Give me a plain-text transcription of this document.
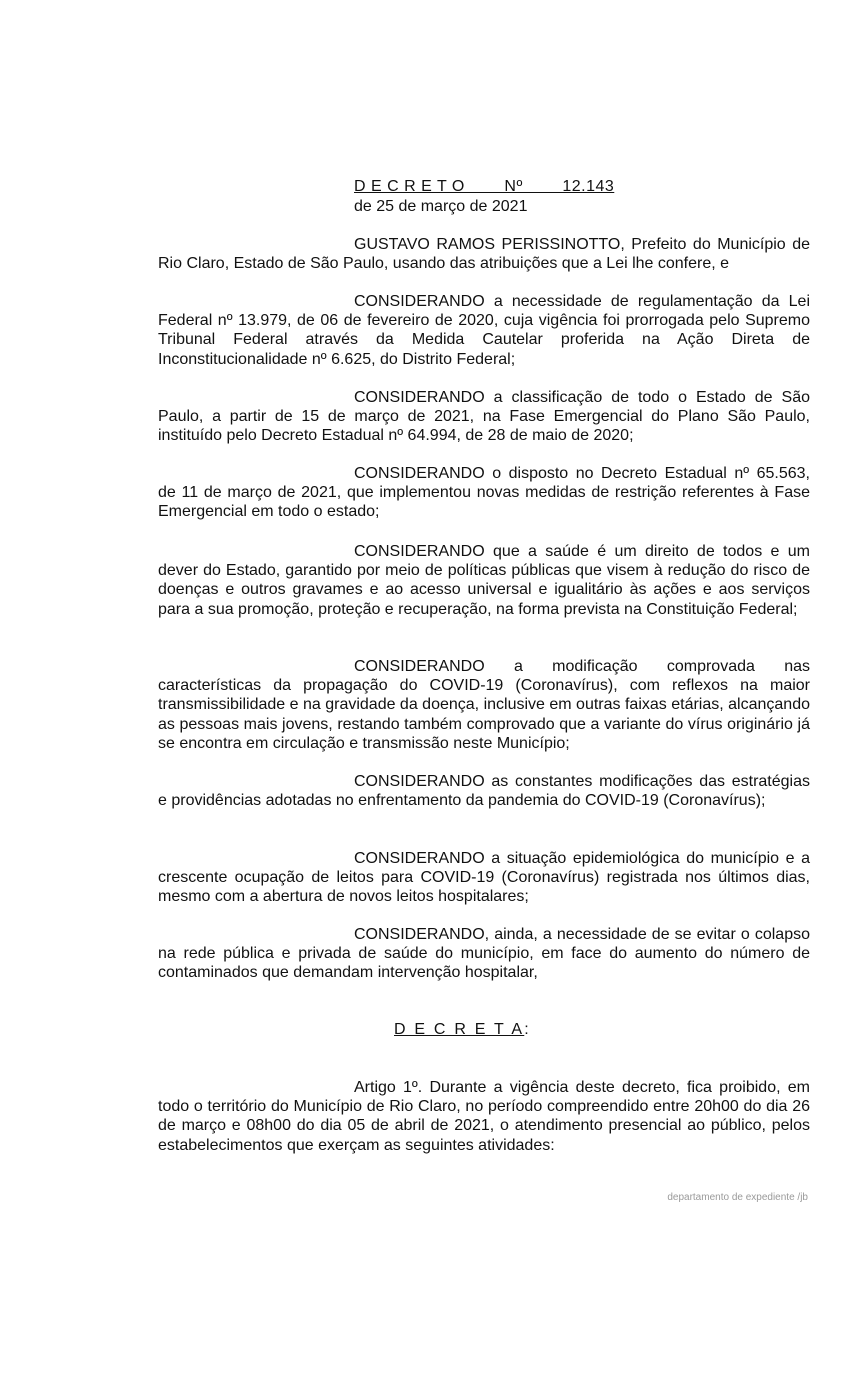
D E C R E T O        Nº        12.143
de 25 de março de 2021

GUSTAVO RAMOS PERISSINOTTO, Prefeito do Município de Rio Claro, Estado de São Paulo, usando das atribuições que a Lei lhe confere, e

CONSIDERANDO a necessidade de regulamentação da Lei Federal nº 13.979, de 06 de fevereiro de 2020, cuja vigência foi prorrogada pelo Supremo Tribunal Federal através da Medida Cautelar proferida na Ação Direta de Inconstitucionalidade nº 6.625, do Distrito Federal;

CONSIDERANDO a classificação de todo o Estado de São Paulo, a partir de 15 de março de 2021, na Fase Emergencial do Plano São Paulo, instituído pelo Decreto Estadual nº 64.994, de 28 de maio de 2020;

CONSIDERANDO o disposto no Decreto Estadual nº 65.563, de 11 de março de 2021, que implementou novas medidas de restrição referentes à Fase Emergencial em todo o estado;

CONSIDERANDO que a saúde é um direito de todos e um dever do Estado, garantido por meio de políticas públicas que visem à redução do risco de doenças e outros gravames e ao acesso universal e igualitário às ações e aos serviços para a sua promoção, proteção e recuperação, na forma prevista na Constituição Federal;

CONSIDERANDO a modificação comprovada nas características da propagação do COVID-19 (Coronavírus), com reflexos na maior transmissibilidade e na gravidade da doença, inclusive em outras faixas etárias, alcançando as pessoas mais jovens, restando também comprovado que a variante do vírus originário já se encontra em circulação e transmissão neste Município;

CONSIDERANDO as constantes modificações das estratégias e providências adotadas no enfrentamento da pandemia do COVID-19 (Coronavírus);

CONSIDERANDO a situação epidemiológica do município e a crescente ocupação de leitos para COVID-19 (Coronavírus) registrada nos últimos dias, mesmo com a abertura de novos leitos hospitalares;

CONSIDERANDO, ainda, a necessidade de se evitar o colapso na rede pública e privada de saúde do município, em face do aumento do número de contaminados que demandam intervenção hospitalar,

D E C R E T A:

Artigo 1º. Durante a vigência deste decreto, fica proibido, em todo o território do Município de Rio Claro, no período compreendido entre 20h00 do dia 26 de março e 08h00 do dia 05 de abril de 2021, o atendimento presencial ao público, pelos estabelecimentos que exerçam as seguintes atividades:

departamento de expediente /jb
